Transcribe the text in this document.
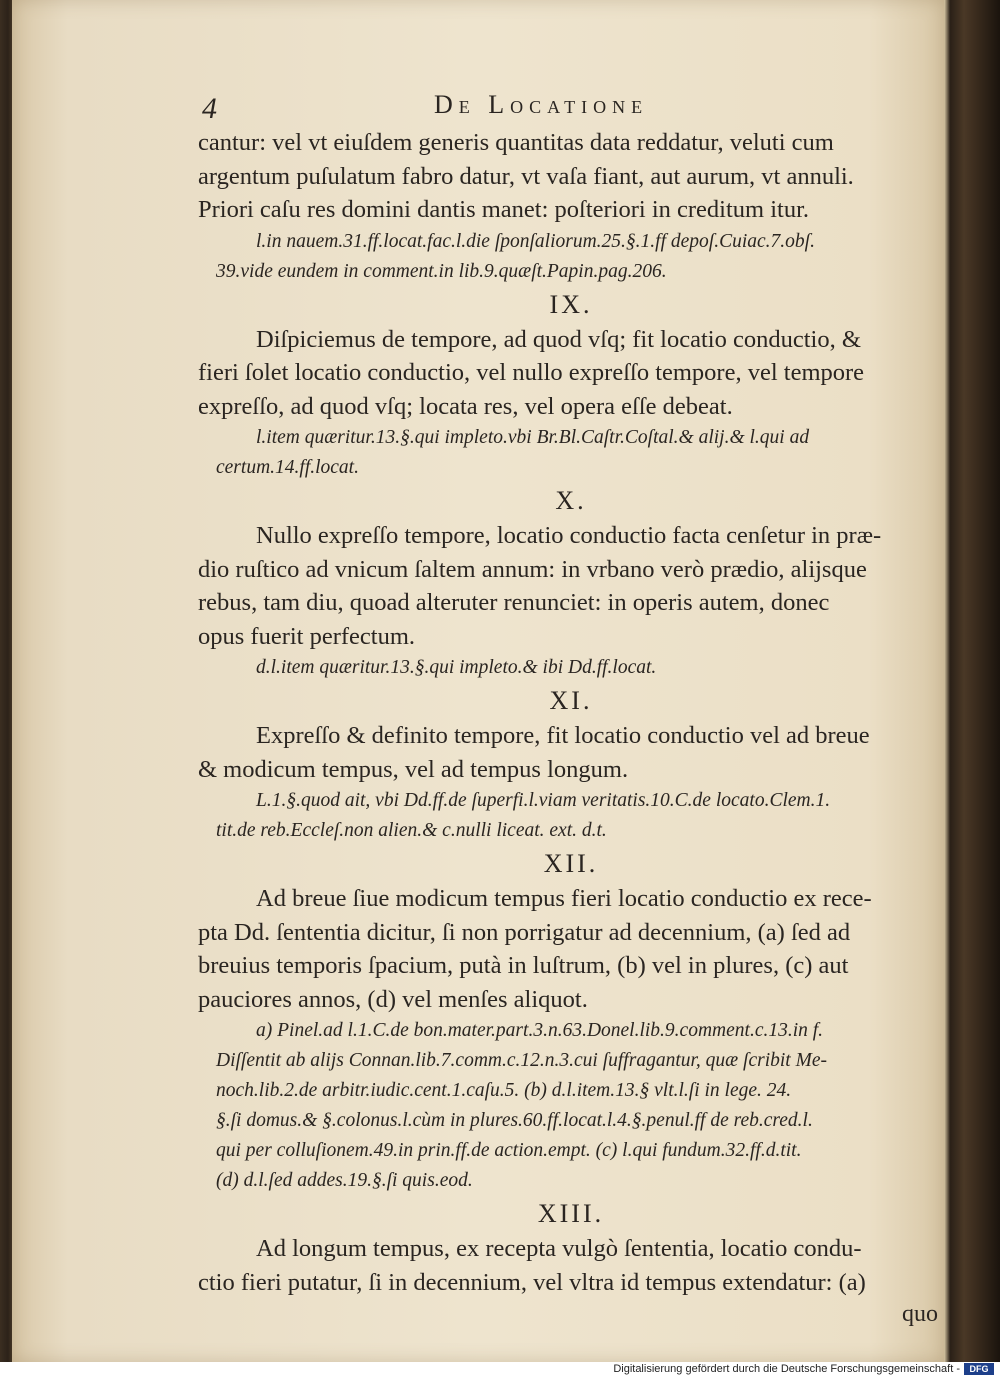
4	De Locatione
cantur: vel vt eiuſdem generis quantitas data reddatur, veluti cum
argentum puſulatum fabro datur, vt vaſa fiant, aut aurum, vt annuli.
Priori caſu res domini dantis manet: poſteriori in creditum itur.
l.in nauem.31.ff.locat.fac.l.die ſponſaliorum.25.§.1.ff depoſ.Cuiac.7.obſ.
39.vide eundem in comment.in lib.9.quæſt.Papin.pag.206.
IX.
Diſpiciemus de tempore, ad quod vſq; fit locatio conductio, &
fieri ſolet locatio conductio, vel nullo expreſſo tempore, vel tempore
expreſſo, ad quod vſq; locata res, vel opera eſſe debeat.
l.item quæritur.13.§.qui impleto.vbi Br.Bl.Caſtr.Coſtal.& alij.& l.qui ad
certum.14.ff.locat.
X.
Nullo expreſſo tempore, locatio conductio facta cenſetur in præ-
dio ruſtico ad vnicum ſaltem annum: in vrbano verò prædio, alijsque
rebus, tam diu, quoad alteruter renunciet: in operis autem, donec
opus fuerit perfectum.
d.l.item quæritur.13.§.qui impleto.& ibi Dd.ff.locat.
XI.
Expreſſo & definito tempore, fit locatio conductio vel ad breue
& modicum tempus, vel ad tempus longum.
L.1.§.quod ait, vbi Dd.ff.de ſuperfi.l.viam veritatis.10.C.de locato.Clem.1.
tit.de reb.Eccleſ.non alien.& c.nulli liceat. ext. d.t.
XII.
Ad breue ſiue modicum tempus fieri locatio conductio ex rece-
pta Dd. ſententia dicitur, ſi non porrigatur ad decennium, (a) ſed ad
breuius temporis ſpacium, putà in luſtrum, (b) vel in plures, (c) aut
pauciores annos, (d) vel menſes aliquot.
a) Pinel.ad l.1.C.de bon.mater.part.3.n.63.Donel.lib.9.comment.c.13.in f.
Diſſentit ab alijs Connan.lib.7.comm.c.12.n.3.cui ſuffragantur, quæ ſcribit Me-
noch.lib.2.de arbitr.iudic.cent.1.caſu.5. (b) d.l.item.13.§ vlt.l.ſi in lege. 24.
§.ſi domus.& §.colonus.l.cùm in plures.60.ff.locat.l.4.§.penul.ff de reb.cred.l.
qui per colluſionem.49.in prin.ff.de action.empt. (c) l.qui fundum.32.ff.d.tit.
(d) d.l.ſed addes.19.§.ſi quis.eod.
XIII.
Ad longum tempus, ex recepta vulgò ſententia, locatio condu-
ctio fieri putatur, ſi in decennium, vel vltra id tempus extendatur: (a)
quo
Digitalisierung gefördert durch die Deutsche Forschungsgemeinschaft -	DFG
